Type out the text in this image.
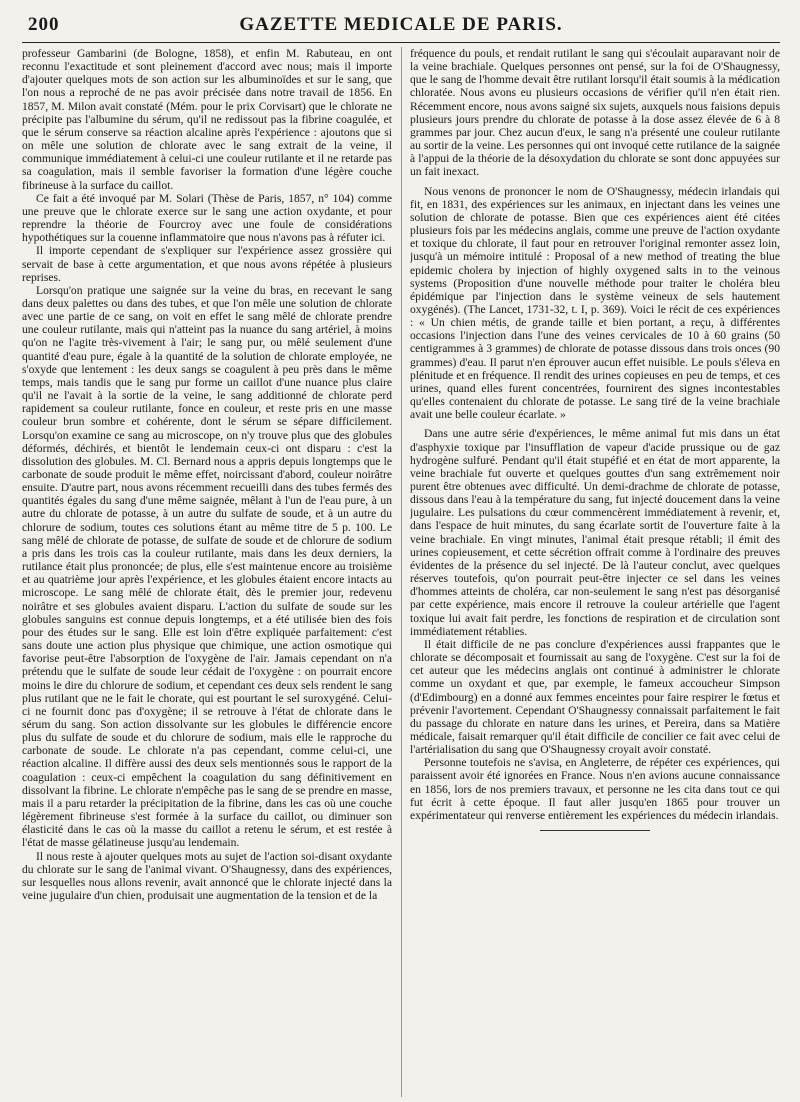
200	GAZETTE MEDICALE DE PARIS.

professeur Gambarini (de Bologne, 1858), et enfin M. Rabuteau, en ont reconnu l'exactitude et sont pleinement d'accord avec nous; mais il importe d'ajouter quelques mots de son action sur les albuminoïdes et sur le sang, que l'on nous a reproché de ne pas avoir précisée dans notre travail de 1856. En 1857, M. Milon avait constaté (Mém. pour le prix Corvisart) que le chlorate ne précipite pas l'albumine du sérum, qu'il ne redissout pas la fibrine coagulée, et que le sérum conserve sa réaction alcaline après l'expérience : ajoutons que si on mêle une solution de chlorate avec le sang extrait de la veine, il communique immédiatement à celui-ci une couleur rutilante et il ne retarde pas sa coagulation, mais il semble favoriser la formation d'une légère couche fibrineuse à la surface du caillot.

Ce fait a été invoqué par M. Solari (Thèse de Paris, 1857, n° 104) comme une preuve que le chlorate exerce sur le sang une action oxydante, et pour reprendre la théorie de Fourcroy avec une foule de considérations hypothétiques sur la couenne inflammatoire que nous n'avons pas à réfuter ici.

Il importe cependant de s'expliquer sur l'expérience assez grossière qui servait de base à cette argumentation, et que nous avons répétée à plusieurs reprises.

Lorsqu'on pratique une saignée sur la veine du bras, en recevant le sang dans deux palettes ou dans des tubes, et que l'on mêle une solution de chlorate avec une partie de ce sang, on voit en effet le sang mêlé de chlorate prendre une couleur rutilante, mais qui n'atteint pas la nuance du sang artériel, à moins qu'on ne l'agite très-vivement à l'air; le sang pur, ou mêlé seulement d'une quantité d'eau pure, égale à la quantité de la solution de chlorate employée, ne s'oxyde que lentement : les deux sangs se coagulent à peu près dans le même temps, mais tandis que le sang pur forme un caillot d'une nuance plus claire qu'il ne l'avait à la sortie de la veine, le sang additionné de chlorate perd rapidement sa couleur rutilante, fonce en couleur, et reste pris en une masse couleur brun sombre et cohérente, dont le sérum se sépare difficilement. Lorsqu'on examine ce sang au microscope, on n'y trouve plus que des globules déformés, déchirés, et bientôt le lendemain ceux-ci ont disparu : c'est la dissolution des globules. M. Cl. Bernard nous a appris depuis longtemps que le carbonate de soude produit le même effet, noircissant d'abord, couleur noirâtre ensuite. D'autre part, nous avons récemment recueilli dans des tubes fermés des quantités égales du sang d'une même saignée, mêlant à l'un de l'eau pure, à un autre du chlorate de potasse, à un autre du sulfate de soude, et à un autre du chlorure de sodium, toutes ces solutions étant au même titre de 5 p. 100. Le sang mêlé de chlorate de potasse, de sulfate de soude et de chlorure de sodium a pris dans les trois cas la couleur rutilante, mais dans les deux derniers, la rutilance était plus prononcée; de plus, elle s'est maintenue encore au troisième et au quatrième jour après l'expérience, et les globules étaient encore intacts au microscope. Le sang mêlé de chlorate était, dès le premier jour, redevenu noirâtre et ses globules avaient disparu. L'action du sulfate de soude sur les globules sanguins est connue depuis longtemps, et a été utilisée bien des fois pour des études sur le sang. Elle est loin d'être expliquée parfaitement: c'est sans doute une action plus physique que chimique, une action osmotique qui favorise peut-être l'absorption de l'oxygène de l'air. Jamais cependant on n'a prétendu que le sulfate de soude leur cédait de l'oxygène : on pourrait encore moins le dire du chlorure de sodium, et cependant ces deux sels rendent le sang plus rutilant que ne le fait le chorate, qui est pourtant le sel suroxygéné. Celui-ci ne fournit donc pas d'oxygène; il se retrouve à l'état de chlorate dans le sérum du sang. Son action dissolvante sur les globules le différencie encore plus du sulfate de soude et du chlorure de sodium, mais elle le rapproche du carbonate de soude. Le chlorate n'a pas cependant, comme celui-ci, une réaction alcaline. Il diffère aussi des deux sels mentionnés sous le rapport de la coagulation : ceux-ci empêchent la coagulation du sang définitivement en dissolvant la fibrine. Le chlorate n'empêche pas le sang de se prendre en masse, mais il a paru retarder la précipitation de la fibrine, dans les cas où une couche légèrement fibrineuse s'est formée à la surface du caillot, ou diminuer son élasticité dans le cas où la masse du caillot a retenu le sérum, et est restée à l'état de masse gélatineuse jusqu'au lendemain.

Il nous reste à ajouter quelques mots au sujet de l'action soi-disant oxydante du chlorate sur le sang de l'animal vivant. O'Shaugnessy, dans des expériences, sur lesquelles nous allons revenir, avait annoncé que le chlorate injecté dans la veine jugulaire d'un chien, produisait une augmentation de la tension et de la

fréquence du pouls, et rendait rutilant le sang qui s'écoulait auparavant noir de la veine brachiale. Quelques personnes ont pensé, sur la foi de O'Shaugnessy, que le sang de l'homme devait être rutilant lorsqu'il était soumis à la médication chloratée. Nous avons eu plusieurs occasions de vérifier qu'il n'en était rien. Récemment encore, nous avons saigné six sujets, auxquels nous faisions depuis plusieurs jours prendre du chlorate de potasse à la dose assez élevée de 6 à 8 grammes par jour. Chez aucun d'eux, le sang n'a présenté une couleur rutilante au sortir de la veine. Les personnes qui ont invoqué cette rutilance de la saignée à l'appui de la théorie de la désoxydation du chlorate se sont donc appuyées sur un fait inexact.

Nous venons de prononcer le nom de O'Shaugnessy, médecin irlandais qui fit, en 1831, des expériences sur les animaux, en injectant dans les veines une solution de chlorate de potasse. Bien que ces expériences aient été citées plusieurs fois par les médecins anglais, comme une preuve de l'action oxydante et toxique du chlorate, il faut pour en retrouver l'original remonter assez loin, jusqu'à un mémoire intitulé : Proposal of a new method of treating the blue epidemic cholera by injection of highly oxygened salts in to the veinous systems (Proposition d'une nouvelle méthode pour traiter le choléra bleu épidémique par l'injection dans le système veineux de sels hautement oxygénés). (The Lancet, 1731-32, t. I, p. 369). Voici le récit de ces expériences : « Un chien métis, de grande taille et bien portant, a reçu, à différentes occasions l'injection dans l'une des veines cervicales de 10 à 60 grains (50 centigrammes à 3 grammes) de chlorate de potasse dissous dans trois onces (90 grammes) d'eau. Il parut n'en éprouver aucun effet nuisible. Le pouls s'éleva en plénitude et en fréquence. Il rendit des urines copieuses en peu de temps, et ces urines, quand elles furent concentrées, fournirent des signes incontestables qu'elles contenaient du chlorate de potasse. Le sang tiré de la veine brachiale avait une belle couleur écarlate. »

Dans une autre série d'expériences, le même animal fut mis dans un état d'asphyxie toxique par l'insufflation de vapeur d'acide prussique ou de gaz hydrogène sulfuré. Pendant qu'il était stupéfié et en état de mort apparente, la veine brachiale fut ouverte et quelques gouttes d'un sang extrêmement noir purent être obtenues avec difficulté. Un demi-drachme de chlorate de potasse, dissous dans l'eau à la température du sang, fut injecté doucement dans la veine jugulaire. Les pulsations du cœur commencèrent immédiatement à revenir, et, dans l'espace de huit minutes, du sang écarlate sortit de l'ouverture faite à la veine brachiale. En vingt minutes, l'animal était presque rétabli; il émit des urines copieusement, et cette sécrétion offrait comme à l'ordinaire des preuves évidentes de la présence du sel injecté. De là l'auteur conclut, avec quelques réserves toutefois, qu'on pourrait peut-être injecter ce sel dans les veines d'hommes atteints de choléra, car non-seulement le sang n'est pas désorganisé par cette expérience, mais encore il retrouve la couleur artérielle que l'agent toxique lui avait fait perdre, les fonctions de respiration et de circulation sont immédiatement rétablies.

Il était difficile de ne pas conclure d'expériences aussi frappantes que le chlorate se décomposait et fournissait au sang de l'oxygène. C'est sur la foi de cet auteur que les médecins anglais ont continué à administrer le chlorate comme un oxydant et que, par exemple, le fameux accoucheur Simpson (d'Edimbourg) en a donné aux femmes enceintes pour faire respirer le fœtus et prévenir l'avortement. Cependant O'Shaugnessy connaissait parfaitement le fait du passage du chlorate en nature dans les urines, et Pereira, dans sa Matière médicale, faisait remarquer qu'il était difficile de concilier ce fait avec celui de l'artérialisation du sang que O'Shaugnessy croyait avoir constaté.

Personne toutefois ne s'avisa, en Angleterre, de répéter ces expériences, qui paraissent avoir été ignorées en France. Nous n'en avions aucune connaissance en 1856, lors de nos premiers travaux, et personne ne les cita dans tout ce qui fut écrit à cette époque. Il faut aller jusqu'en 1865 pour trouver un expérimentateur qui renverse entièrement les expériences du médecin irlandais.
